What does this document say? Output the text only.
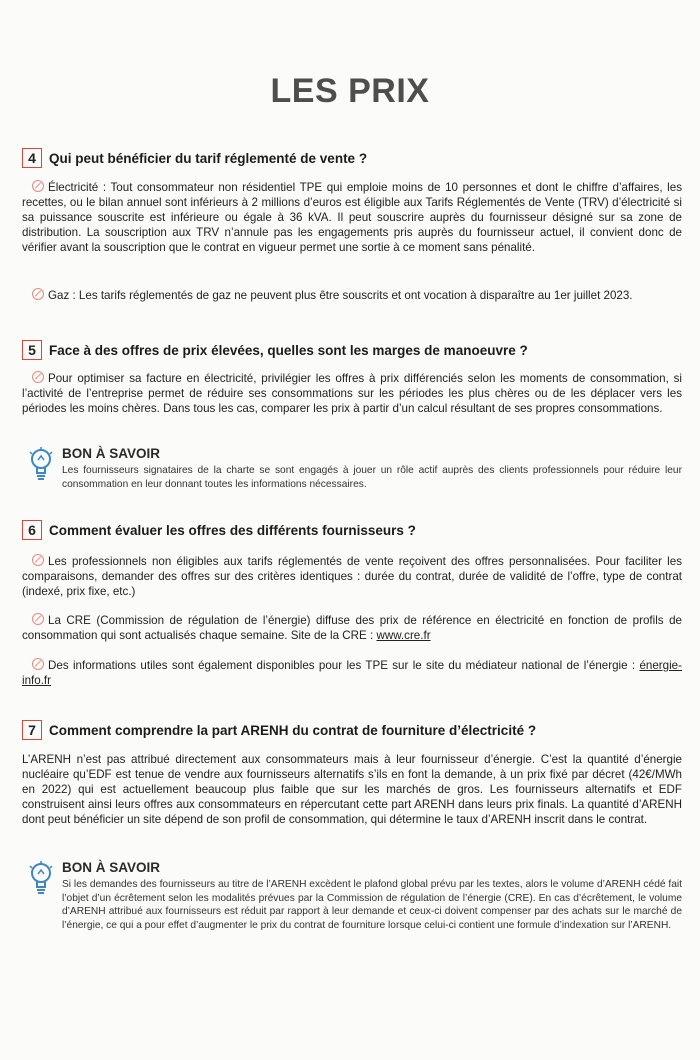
LES PRIX
4 Qui peut bénéficier du tarif réglementé de vente ?
Électricité : Tout consommateur non résidentiel TPE qui emploie moins de 10 personnes et dont le chiffre d’affaires, les recettes, ou le bilan annuel sont inférieurs à 2 millions d’euros est éligible aux Tarifs Réglementés de Vente (TRV) d’électricité si sa puissance souscrite est inférieure ou égale à 36 kVA. Il peut souscrire auprès du fournisseur désigné sur sa zone de distribution. La souscription aux TRV n’annule pas les engagements pris auprès du fournisseur actuel, il convient donc de vérifier avant la souscription que le contrat en vigueur permet une sortie à ce moment sans pénalité.
Gaz : Les tarifs réglementés de gaz ne peuvent plus être souscrits et ont vocation à disparaître au 1er juillet 2023.
5 Face à des offres de prix élevées, quelles sont les marges de manoeuvre ?
Pour optimiser sa facture en électricité, privilégier les offres à prix différenciés selon les moments de consommation, si l’activité de l’entreprise permet de réduire ses consommations sur les périodes les plus chères ou de les déplacer vers les périodes les moins chères. Dans tous les cas, comparer les prix à partir d’un calcul résultant de ses propres consommations.
BON À SAVOIR
Les fournisseurs signataires de la charte se sont engagés à jouer un rôle actif auprès des clients professionnels pour réduire leur consommation en leur donnant toutes les informations nécessaires.
6 Comment évaluer les offres des différents fournisseurs ?
Les professionnels non éligibles aux tarifs réglementés de vente reçoivent des offres personnalisées. Pour faciliter les comparaisons, demander des offres sur des critères identiques : durée du contrat, durée de validité de l’offre, type de contrat (indexé, prix fixe, etc.)
La CRE (Commission de régulation de l’énergie) diffuse des prix de référence en électricité en fonction de profils de consommation qui sont actualisés chaque semaine. Site de la CRE : www.cre.fr
Des informations utiles sont également disponibles pour les TPE sur le site du médiateur national de l’énergie : énergie-info.fr
7 Comment comprendre la part ARENH du contrat de fourniture d’électricité ?
L’ARENH n’est pas attribué directement aux consommateurs mais à leur fournisseur d’énergie. C’est la quantité d’énergie nucléaire qu’EDF est tenue de vendre aux fournisseurs alternatifs s’ils en font la demande, à un prix fixé par décret (42€/MWh en 2022) qui est actuellement beaucoup plus faible que sur les marchés de gros. Les fournisseurs alternatifs et EDF construisent ainsi leurs offres aux consommateurs en répercutant cette part ARENH dans leurs prix finals. La quantité d’ARENH dont peut bénéficier un site dépend de son profil de consommation, qui détermine le taux d’ARENH inscrit dans le contrat.
BON À SAVOIR
Si les demandes des fournisseurs au titre de l’ARENH excèdent le plafond global prévu par les textes, alors le volume d’ARENH cédé fait l’objet d’un écrêtement selon les modalités prévues par la Commission de régulation de l’énergie (CRE). En cas d’écrêtement, le volume d’ARENH attribué aux fournisseurs est réduit par rapport à leur demande et ceux-ci doivent compenser par des achats sur le marché de l’énergie, ce qui a pour effet d’augmenter le prix du contrat de fourniture lorsque celui-ci contient une formule d’indexation sur l’ARENH.
